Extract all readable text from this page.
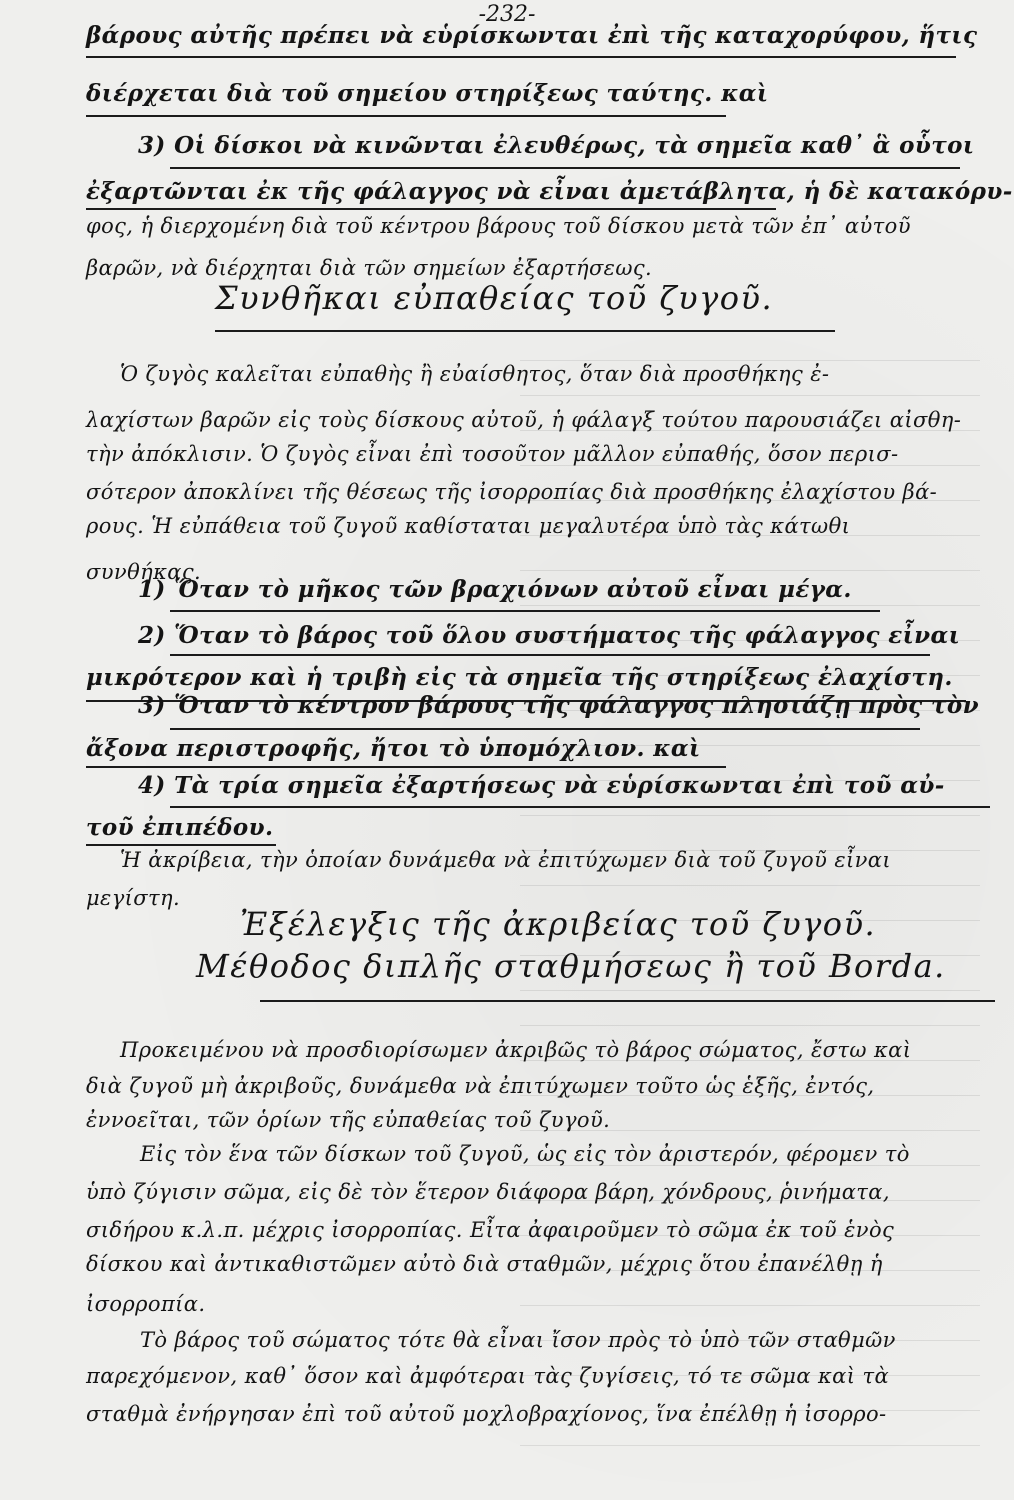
-232-
βάρους αὐτῆς πρέπει νὰ εὑρίσκωνται ἐπὶ τῆς καταχορύφου, ἥτις
διέρχεται διὰ τοῦ σημείου στηρίξεως ταύτης. καὶ
3) Οἱ δίσκοι νὰ κινῶνται ἐλευθέρως, τὰ σημεῖα καθ᾽ ἃ οὗτοι
ἐξαρτῶνται ἐκ τῆς φάλαγγος νὰ εἶναι ἀμετάβλητα, ἡ δὲ κατακόρυ-
φος, ἡ διερχομένη διὰ τοῦ κέντρου βάρους τοῦ δίσκου μετὰ τῶν ἐπ᾽ αὐτοῦ
βαρῶν, νὰ διέρχηται διὰ τῶν σημείων ἐξαρτήσεως.
Συνθῆκαι εὐπαθείας τοῦ ζυγοῦ.
Ὁ ζυγὸς καλεῖται εὐπαθὴς ἢ εὐαίσθητος, ὅταν διὰ προσθήκης ἐ-
λαχίστων βαρῶν εἰς τοὺς δίσκους αὐτοῦ, ἡ φάλαγξ τούτου παρουσιάζει αἰσθη-
τὴν ἀπόκλισιν. Ὁ ζυγὸς εἶναι ἐπὶ τοσοῦτον μᾶλλον εὐπαθής, ὅσον περισ-
σότερον ἀποκλίνει τῆς θέσεως τῆς ἰσορροπίας διὰ προσθήκης ἐλαχίστου βά-
ρους. Ἡ εὐπάθεια τοῦ ζυγοῦ καθίσταται μεγαλυτέρα ὑπὸ τὰς κάτωθι
συνθήκας.
1) Ὅταν τὸ μῆκος τῶν βραχιόνων αὐτοῦ εἶναι μέγα.
2) Ὅταν τὸ βάρος τοῦ ὅλου συστήματος τῆς φάλαγγος εἶναι
μικρότερον καὶ ἡ τριβὴ εἰς τὰ σημεῖα τῆς στηρίξεως ἐλαχίστη.
3) Ὅταν τὸ κέντρον βάρους τῆς φάλαγγος πλησιάζῃ πρὸς τὸν
ἄξονα περιστροφῆς, ἤτοι τὸ ὑπομόχλιον. καὶ
4) Τὰ τρία σημεῖα ἐξαρτήσεως νὰ εὑρίσκωνται ἐπὶ τοῦ αὐ-
τοῦ ἐπιπέδου.
Ἡ ἀκρίβεια, τὴν ὁποίαν δυνάμεθα νὰ ἐπιτύχωμεν διὰ τοῦ ζυγοῦ εἶναι
μεγίστη.
Ἐξέλεγξις τῆς ἀκριβείας τοῦ ζυγοῦ.
Μέθοδος διπλῆς σταθμήσεως ἢ τοῦ Borda.
Προκειμένου νὰ προσδιορίσωμεν ἀκριβῶς τὸ βάρος σώματος, ἔστω καὶ
διὰ ζυγοῦ μὴ ἀκριβοῦς, δυνάμεθα νὰ ἐπιτύχωμεν τοῦτο ὡς ἑξῆς, ἐντός,
ἐννοεῖται, τῶν ὁρίων τῆς εὐπαθείας τοῦ ζυγοῦ.
Εἰς τὸν ἕνα τῶν δίσκων τοῦ ζυγοῦ, ὡς εἰς τὸν ἀριστερόν, φέρομεν τὸ
ὑπὸ ζύγισιν σῶμα, εἰς δὲ τὸν ἕτερον διάφορα βάρη, χόνδρους, ῥινήματα,
σιδήρου κ.λ.π. μέχρις ἰσορροπίας. Εἶτα ἀφαιροῦμεν τὸ σῶμα ἐκ τοῦ ἑνὸς
δίσκου καὶ ἀντικαθιστῶμεν αὐτὸ διὰ σταθμῶν, μέχρις ὅτου ἐπανέλθῃ ἡ
ἰσορροπία.
Τὸ βάρος τοῦ σώματος τότε θὰ εἶναι ἴσον πρὸς τὸ ὑπὸ τῶν σταθμῶν
παρεχόμενον, καθ᾽ ὅσον καὶ ἀμφότεραι τὰς ζυγίσεις, τό τε σῶμα καὶ τὰ
σταθμὰ ἐνήργησαν ἐπὶ τοῦ αὐτοῦ μοχλοβραχίονος, ἵνα ἐπέλθῃ ἡ ἰσορρο-
